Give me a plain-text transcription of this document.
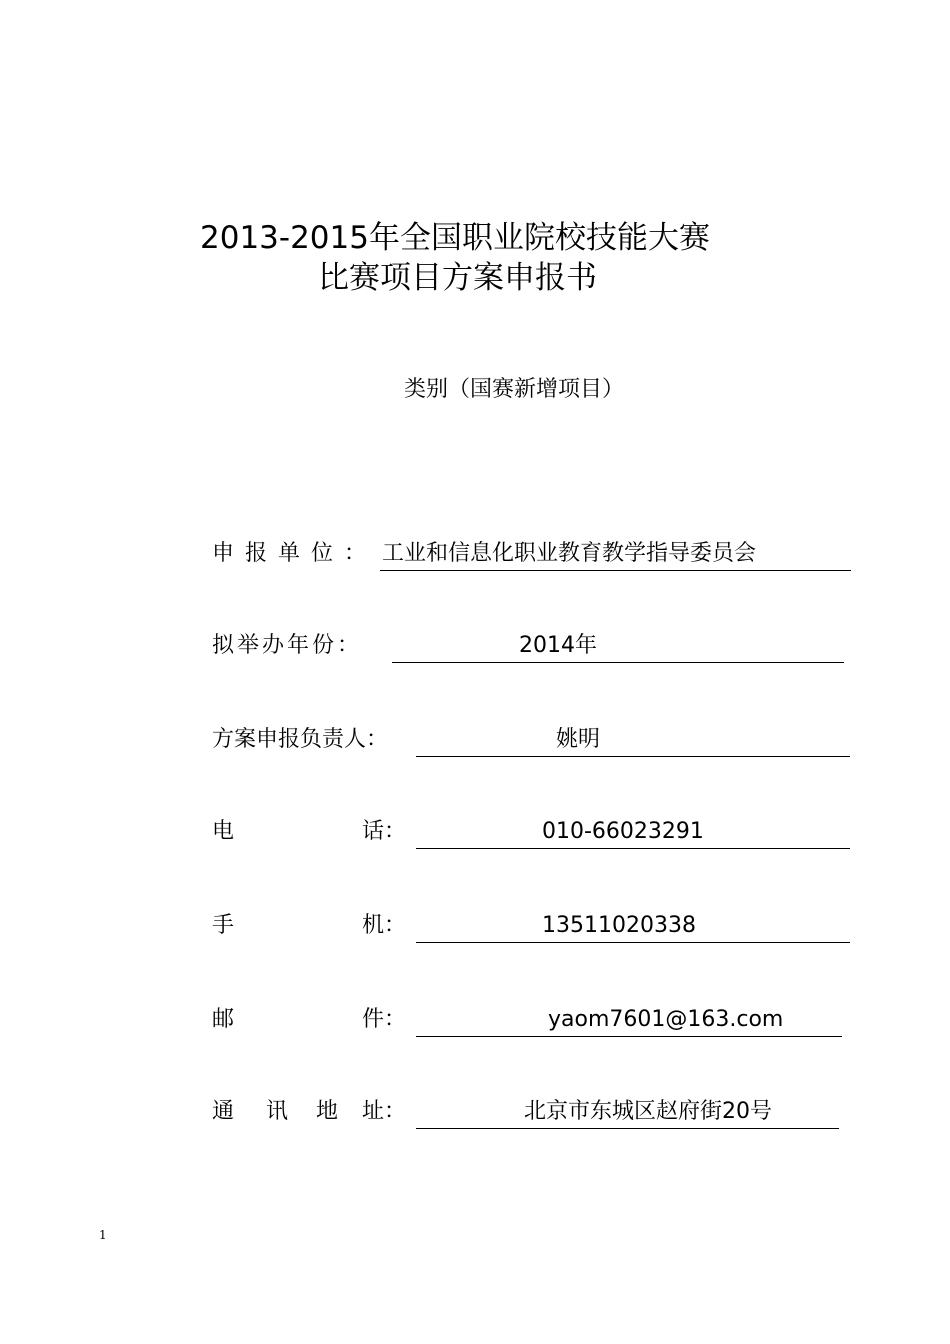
2013-2015年全国职业院校技能大赛
比赛项目方案申报书
类别（国赛新增项目）
申报单位： 工业和信息化职业教育教学指导委员会
拟举办年份：	2014年
方案申报负责人：	姚明
电	话：	010-66023291
手	机：	13511020338
邮	件：	yaom7601@163.com
通 讯 地 址：	北京市东城区赵府街20号
1
